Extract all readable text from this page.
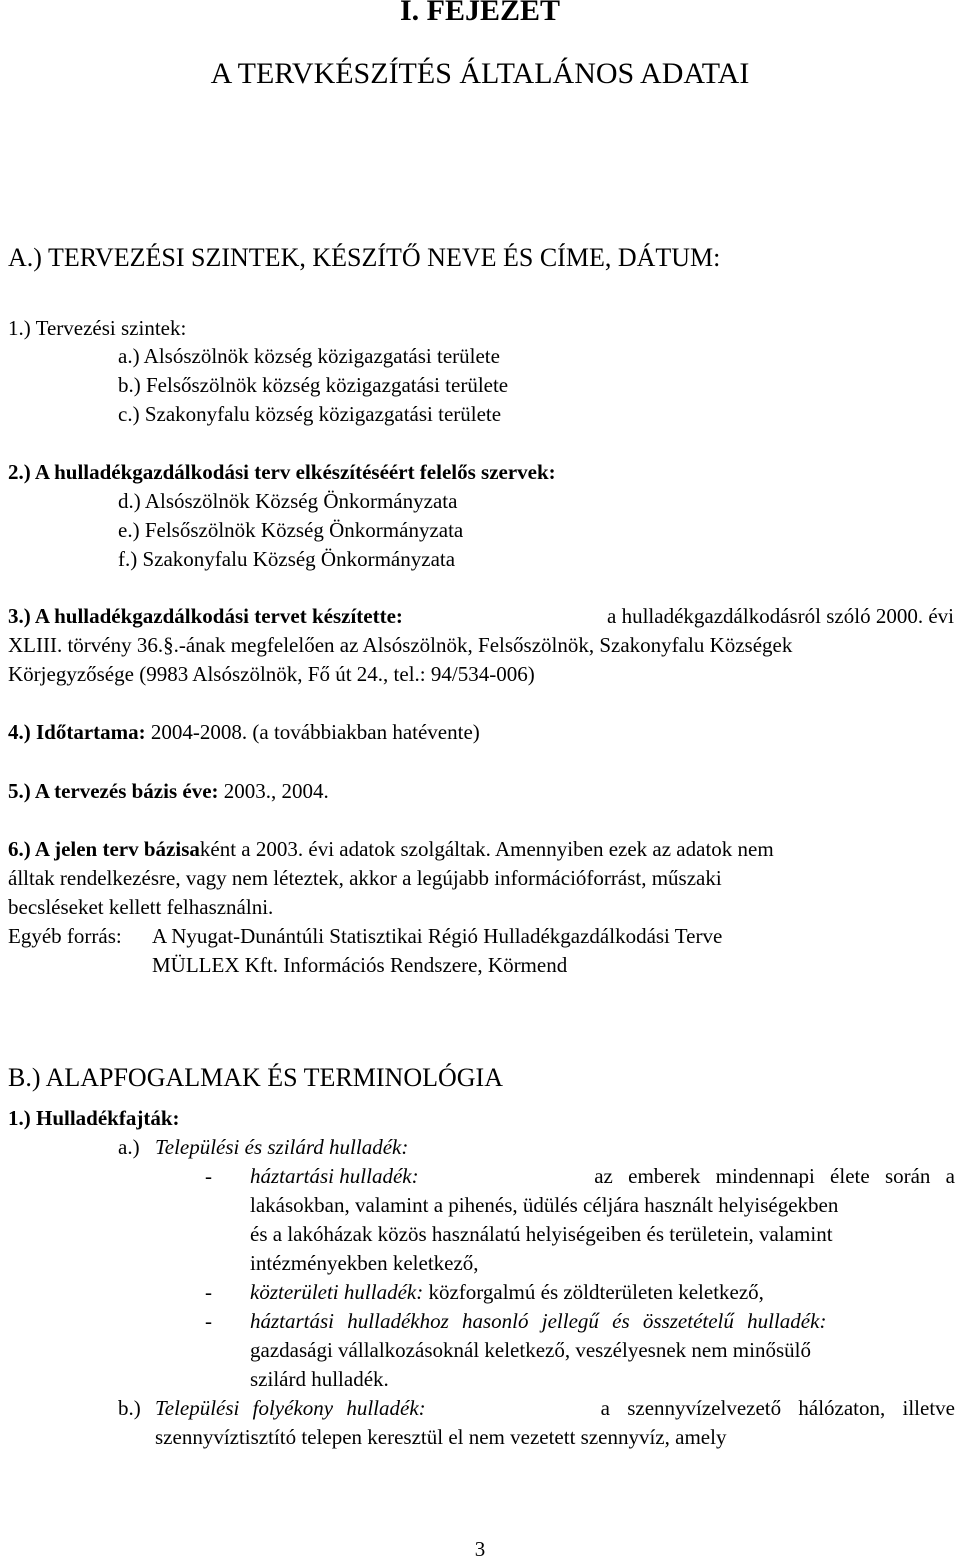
I. FEJEZET
A TERVKÉSZÍTÉS ÁLTALÁNOS ADATAI
A.) TERVEZÉSI SZINTEK, KÉSZÍTŐ NEVE ÉS CÍME, DÁTUM:
1.) Tervezési szintek:
a.) Alsószölnök község közigazgatási területe
b.) Felsőszölnök község közigazgatási területe
c.) Szakonyfalu község közigazgatási területe
2.) A hulladékgazdálkodási terv elkészítéséért felelős szervek:
d.) Alsószölnök Község Önkormányzata
e.) Felsőszölnök Község Önkormányzata
f.) Szakonyfalu Község Önkormányzata
3.) A hulladékgazdálkodási tervet készítette:	a hulladékgazdálkodásról szóló 2000. évi
XLIII. törvény 36.§.-ának megfelelően az Alsószölnök, Felsőszölnök, Szakonyfalu Községek
Körjegyzősége (9983 Alsószölnök, Fő út 24., tel.: 94/534-006)
4.) Időtartama: 2004-2008. (a továbbiakban hatévente)
5.) A tervezés bázis éve: 2003., 2004.
6.) A jelen terv bázisaként a 2003. évi adatok szolgáltak. Amennyiben ezek az adatok nem
álltak rendelkezésre, vagy nem léteztek, akkor a legújabb információforrást, műszaki
becsléseket kellett felhasználni.
Egyéb forrás: A Nyugat-Dunántúli Statisztikai Régió Hulladékgazdálkodási Terve
MÜLLEX Kft. Információs Rendszere, Körmend
B.) ALAPFOGALMAK ÉS TERMINOLÓGIA
1.) Hulladékfajták:
a.) Települési és szilárd hulladék:
- háztartási hulladék:	az emberek mindennapi élete során a
lakásokban, valamint a pihenés, üdülés céljára használt helyiségekben
és a lakóházak közös használatú helyiségeiben és területein, valamint
intézményekben keletkező,
- közterületi hulladék: közforgalmú és zöldterületen keletkező,
- háztartási hulladékhoz hasonló jellegű és összetételű hulladék:
gazdasági vállalkozásoknál keletkező, veszélyesnek nem minősülő
szilárd hulladék.
b.) Települési folyékony hulladék:	a szennyvízelvezető hálózaton, illetve
szennyvíztisztító telepen keresztül el nem vezetett szennyvíz, amely
3
